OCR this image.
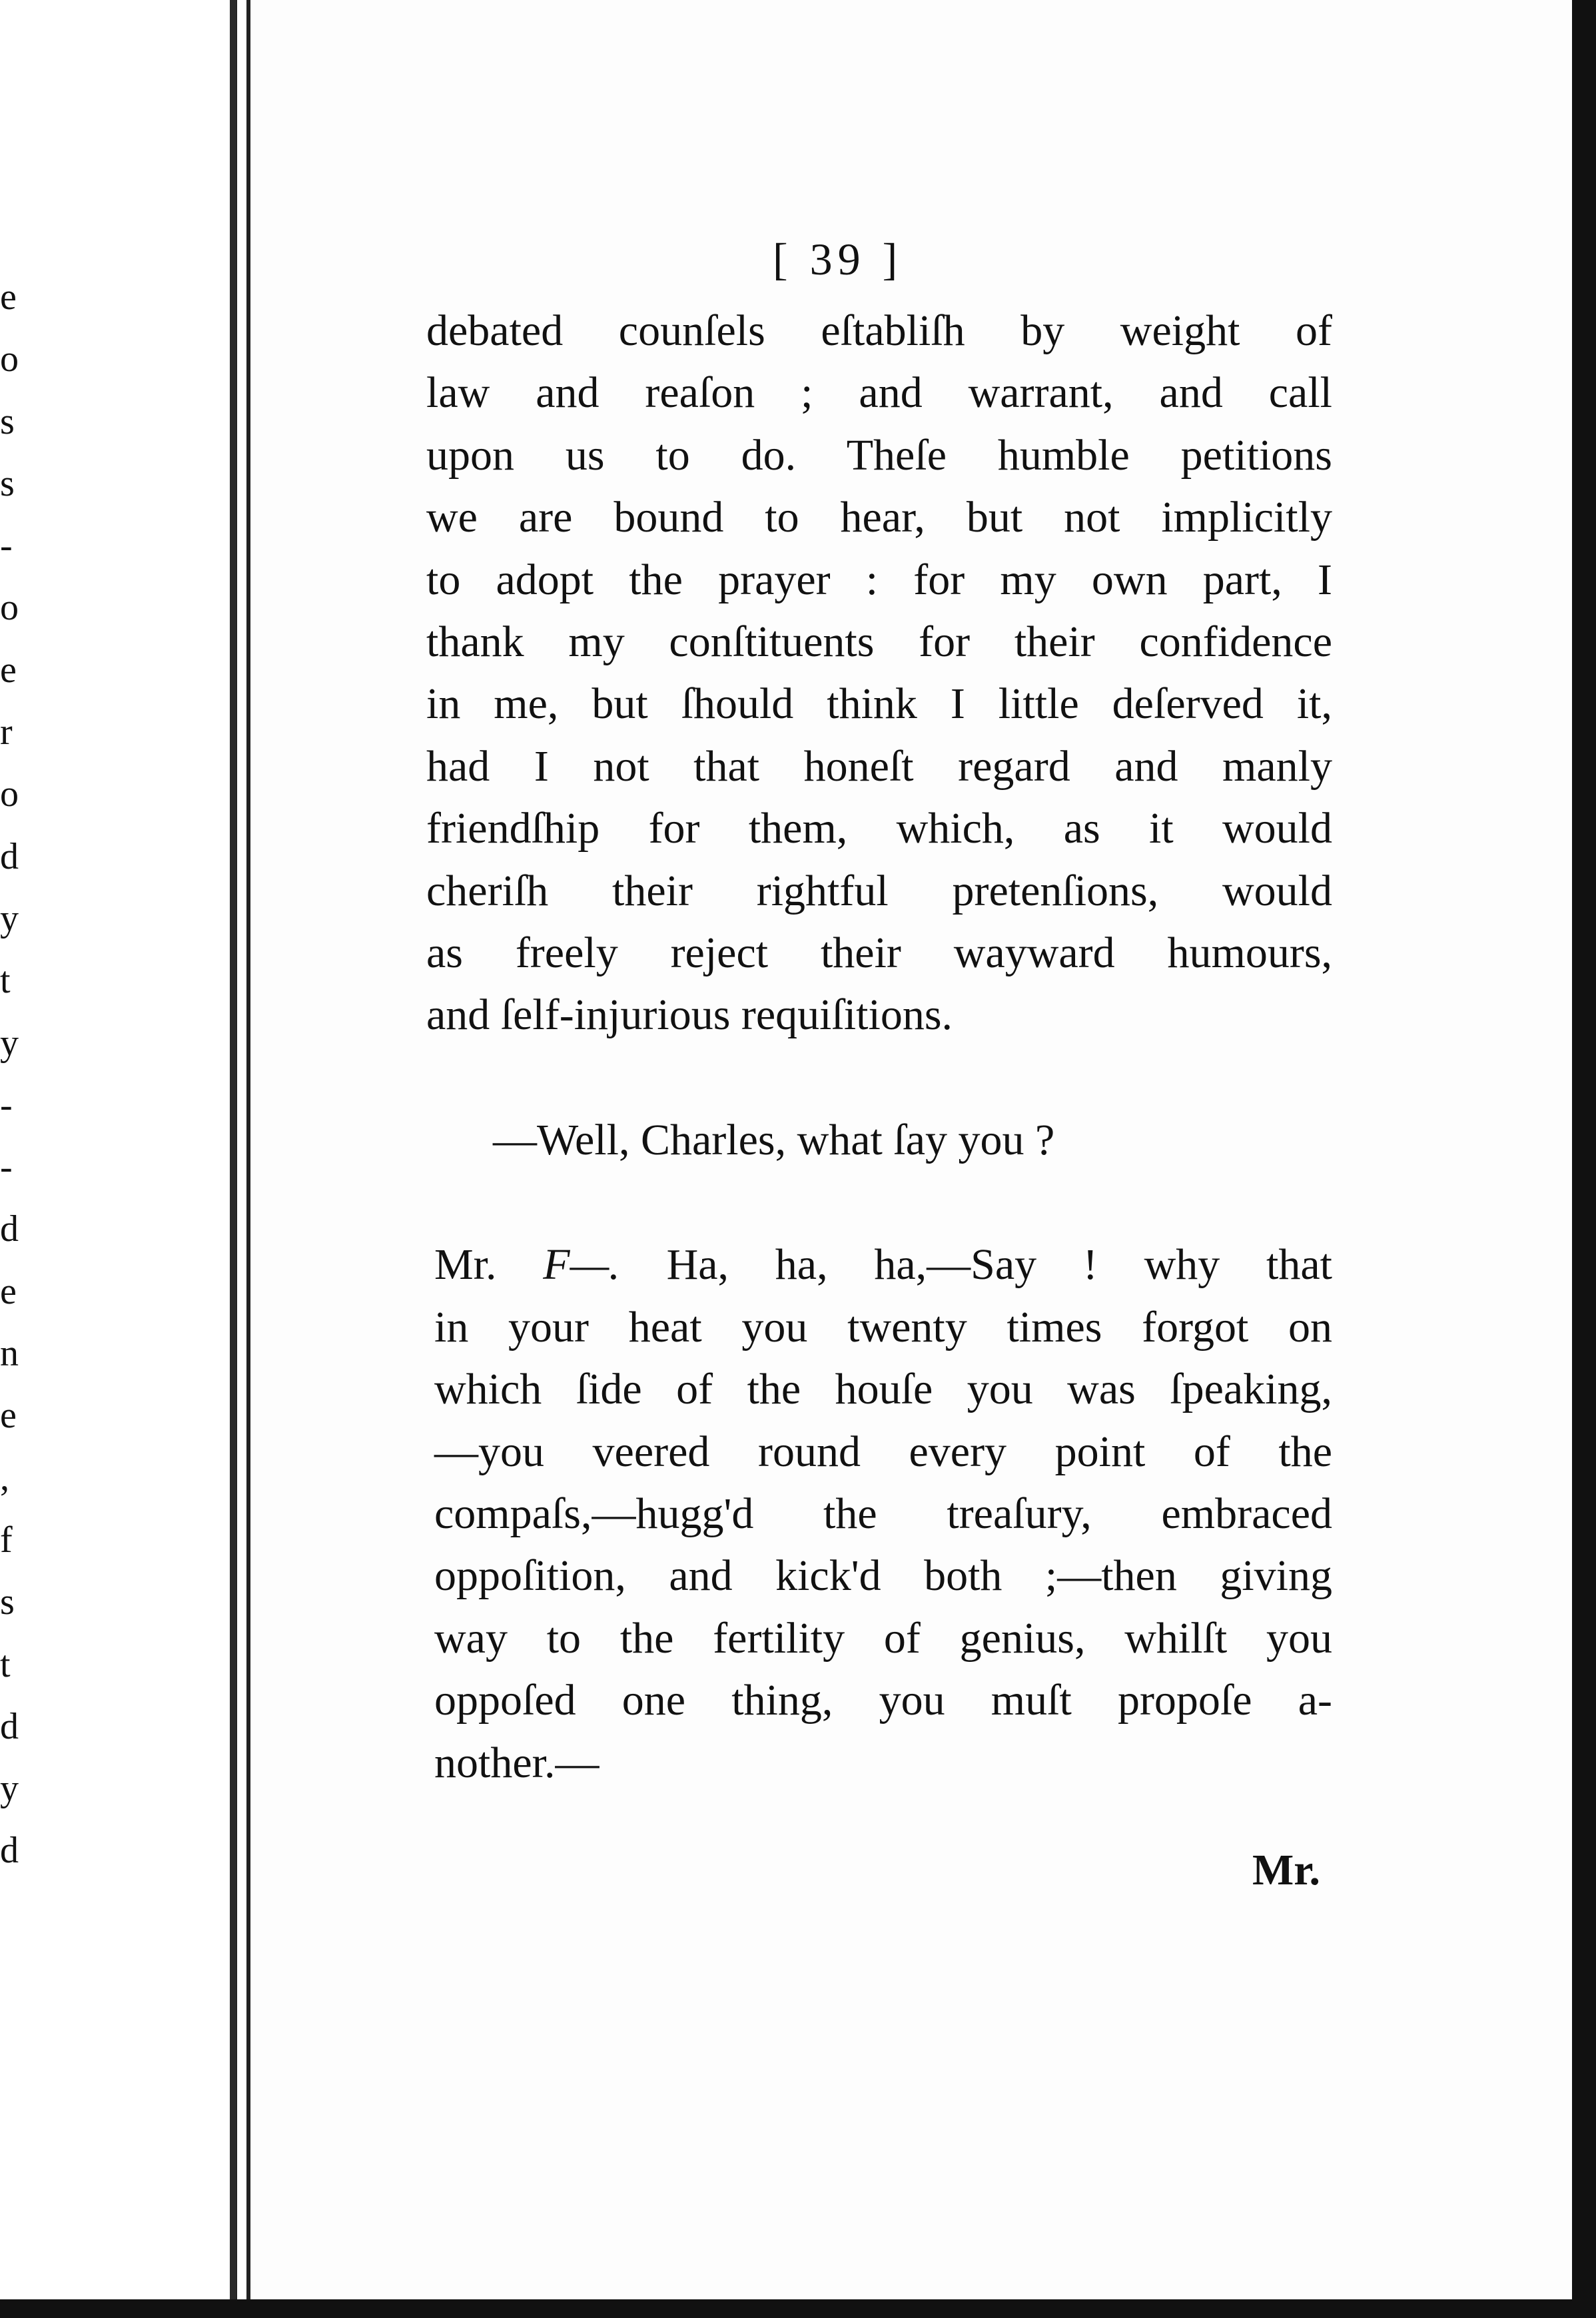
e
o
s
s
-
o
e
r
o
d
y
t
y
-
-
d
e
n
e
,
f
s
t
d
y
d
[ 39 ]
debated counſels eſtabliſh by weight of
law and reaſon ; and warrant, and call
upon us to do. Theſe humble petitions
we are bound to hear, but not implicitly
to adopt the prayer : for my own part, I
thank my conſtituents for their confidence
in me, but ſhould think I little deſerved it,
had I not that honeſt regard and manly
friendſhip for them, which, as it would
cheriſh their rightful pretenſions, would
as freely reject their wayward humours,
and ſelf-injurious requiſitions.
—Well, Charles, what ſay you ?
Mr. F—. Ha, ha, ha,—Say ! why that
in your heat you twenty times forgot on
which ſide of the houſe you was ſpeaking,
—you veered round every point of the
compaſs,—hugg'd the treaſury, embraced
oppoſition, and kick'd both ;—then giving
way to the fertility of genius, whilſt you
oppoſed one thing, you muſt propoſe a-
nother.—
Mr.
